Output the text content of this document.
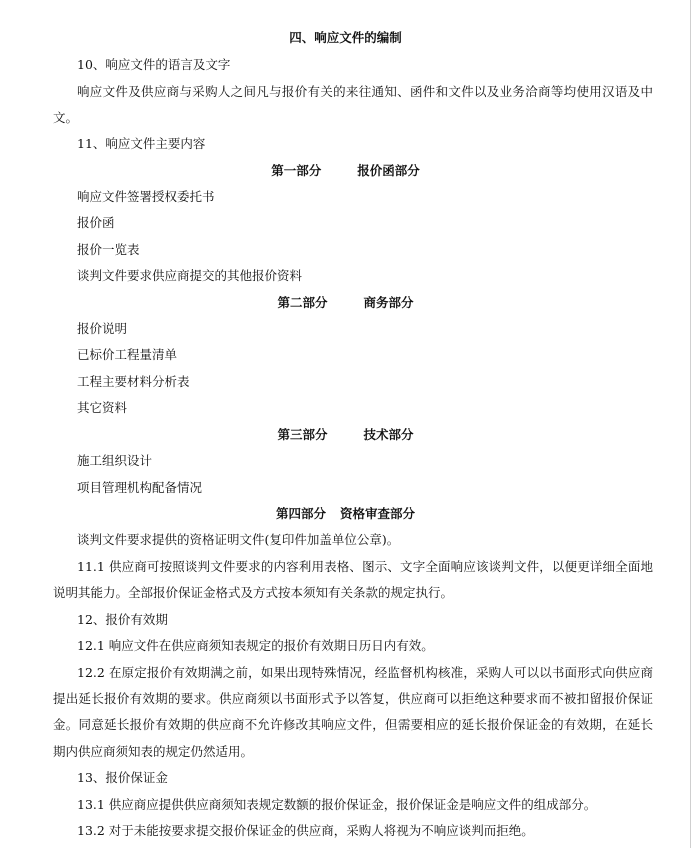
四、响应文件的编制
10、响应文件的语言及文字
响应文件及供应商与采购人之间凡与报价有关的来往通知、函件和文件以及业务洽商等均使用汉语及中
文。
11、响应文件主要内容
第一部分	报价函部分
响应文件签署授权委托书
报价函
报价一览表
谈判文件要求供应商提交的其他报价资料
第二部分	商务部分
报价说明
已标价工程量清单
工程主要材料分析表
其它资料
第三部分	技术部分
施工组织设计
项目管理机构配备情况
第四部分 资格审查部分
谈判文件要求提供的资格证明文件(复印件加盖单位公章)。
11.1 供应商可按照谈判文件要求的内容利用表格、图示、文字全面响应该谈判文件，以便更详细全面地
说明其能力。全部报价保证金格式及方式按本须知有关条款的规定执行。
12、报价有效期
12.1 响应文件在供应商须知表规定的报价有效期日历日内有效。
12.2 在原定报价有效期满之前，如果出现特殊情况，经监督机构核准，采购人可以以书面形式向供应商
提出延长报价有效期的要求。供应商须以书面形式予以答复，供应商可以拒绝这种要求而不被扣留报价保证
金。同意延长报价有效期的供应商不允许修改其响应文件，但需要相应的延长报价保证金的有效期，在延长
期内供应商须知表的规定仍然适用。
13、报价保证金
13.1 供应商应提供供应商须知表规定数额的报价保证金，报价保证金是响应文件的组成部分。
13.2 对于未能按要求提交报价保证金的供应商，采购人将视为不响应谈判而拒绝。
